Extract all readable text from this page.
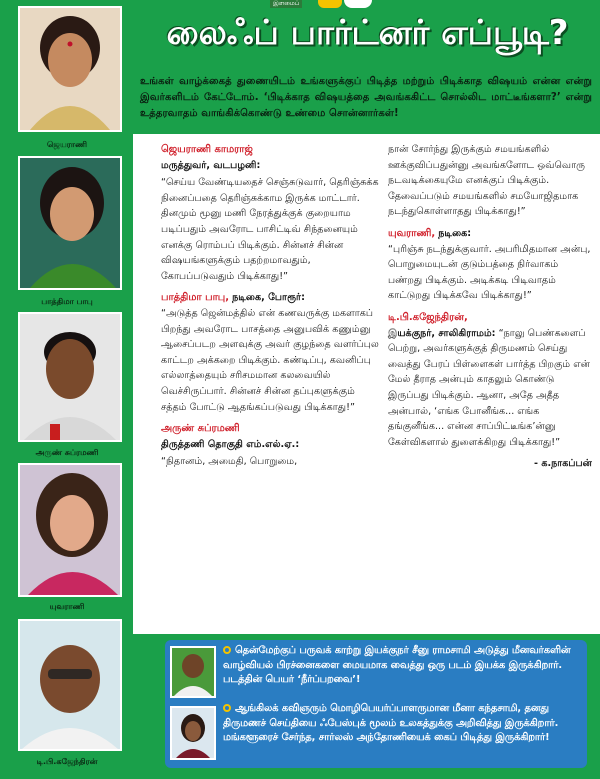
இளமைப்
ஜெயராணி
பாத்திமா பாபு
அருண் சுப்ரமணி
யுவராணி
டி.பி.கஜேந்திரன்
லைஃப் பார்ட்னர் எப்பூடி?
உங்கள் வாழ்க்கைத் துணையிடம் உங்களுக்குப் பிடித்த மற்றும் பிடிக்காத விஷயம் என்ன என்று இவர்களிடம் கேட்டோம். ‘பிடிக்காத விஷயத்தை அவங்ககிட்ட சொல்லிட மாட்டீங்களா?’ என்று உத்தரவாதம் வாங்கிக்கொண்டு உண்மை சொன்னார்கள்!
ஜெயராணி காமராஜ்
மருத்துவர், வடபழனி:

“செய்ய வேண்டியதைச் செஞ்சுடுவார், தெரிஞ்சுக்க நினைப்பதை தெரிஞ்சுக்காம இருக்க மாட்டார். தினமும் மூனு மணி நேரத்துக்குக் குறையாம படிப்பதும் அவரோட பாசிட்டிவ் சிந்தனையும் எனக்கு ரொம்பப் பிடிக்கும். சின்னச் சின்ன விஷயங்களுக்கும் பதற்றமாவதும், கோபப்படுவதும் பிடிக்காது!”

பாத்திமா பாபு, நடிகை, போரூர்:

“அடுத்த ஜென்மத்தில் என் கணவருக்கு மகளாகப் பிறந்து அவரோட பாசத்தை அனுபவிக் கணும்னு ஆசைப்படற அளவுக்கு அவர் குழந்தை வளர்ப்புல காட்டற அக்கறை பிடிக்கும். கண்டிப்பு, கவனிப்பு எல்லாத்தையும் சரிசமமான கலவையில் வெச்சிருப்பார். சின்னச் சின்ன தப்புகளுக்கும் சத்தம் போட்டு ஆதங்கப்படுவது பிடிக்காது!”

அருண் சுப்ரமணி
திருத்தணி தொகுதி எம்.எல்.ஏ.:

“நிதானம், அமைதி, பொறுமை,

நான் சோர்ந்து இருக்கும் சமயங்களில் ஊக்குவிப்பதுன்னு அவங்களோட ஒவ்வொரு நடவடிக்கையுமே எனக்குப் பிடிக்கும். தேவைப்படும் சமயங்களில் சமயோஜிதமாக நடந்துகொள்ளாதது பிடிக்காது!”

யுவராணி, நடிகை:

“புரிஞ்சு நடந்துக்குவார். அபரிமிதமான அன்பு, பொறுமையுடன் குடும்பத்தை நிர்வாகம் பண்றது பிடிக்கும். அடிக்கடி பிடிவாதம் காட்டுறது பிடிக்கவே பிடிக்காது!”

டி.பி.கஜேந்திரன்,
இயக்குநர், சாலிகிராமம்: “நாலு பெண்களைப் பெற்று, அவர்களுக்குத் திருமணம் செய்து வைத்து பேரப் பிள்ளைகள் பார்த்த பிறகும் என் மேல் தீராத அன்பும் காதலும் கொண்டு இருப்பது பிடிக்கும். ஆனா, அதே அதீத அன்பால், ‘எங்க போனீங்க... எங்க தங்குனீங்க... என்ன சாப்பிட்டீங்க’ன்னு கேள்விகளால் துளைக்கிறது பிடிக்காது!”
- க.நாகப்பன்
தென்மேற்குப் பருவக் காற்று இயக்குநர் சீனு ராமசாமி அடுத்து மீனவர்களின் வாழ்வியல் பிரச்னைகளை மையமாக வைத்து ஒரு படம் இயக்க இருக்கிறார். படத்தின் பெயர் ‘நீர்ப்பறவை’!
ஆங்கிலக் கவிஞரும் மொழிபெயர்ப்பாளருமான மீனா கந்தசாமி, தனது திருமணச் செய்தியை ஃபேஸ்புக் மூலம் உலகத்துக்கு அறிவித்து இருக்கிறார். மங்களூரைச் சேர்ந்த, சார்லஸ் அந்தோணியைக் கைப் பிடித்து இருக்கிறார்!
